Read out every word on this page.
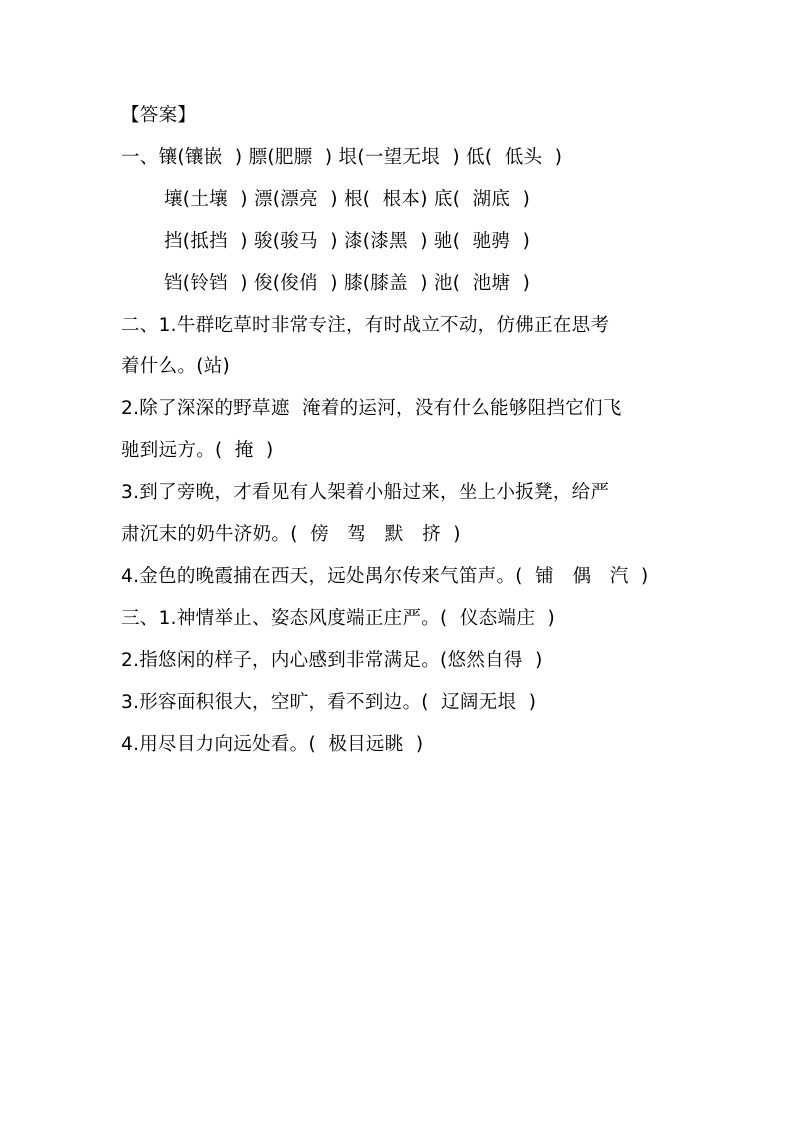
【答案】
一、镶(镶嵌  ) 膘(肥膘  ) 垠(一望无垠  ) 低(  低头  )
壤(土壤  ) 漂(漂亮  ) 根(  根本) 底(  湖底  )
挡(抵挡  ) 骏(骏马  ) 漆(漆黑  ) 驰(  驰骋  )
铛(铃铛  ) 俊(俊俏  ) 膝(膝盖  ) 池(  池塘  )
二、1.牛群吃草时非常专注，有时战立不动，仿佛正在思考
着什么。(站)
2.除了深深的野草遮  淹着的运河，没有什么能够阻挡它们飞
驰到远方。(  掩  )
3.到了旁晚，才看见有人架着小船过来，坐上小扳凳，给严
肃沉末的奶牛济奶。(  傍   驾   默   挤  )
4.金色的晚霞捕在西天，远处禺尔传来气笛声。(  铺   偶   汽  )
三、1.神情举止、姿态风度端正庄严。(  仪态端庄  )
2.指悠闲的样子，内心感到非常满足。(悠然自得  )
3.形容面积很大，空旷，看不到边。(  辽阔无垠  )
4.用尽目力向远处看。(  极目远眺  )
